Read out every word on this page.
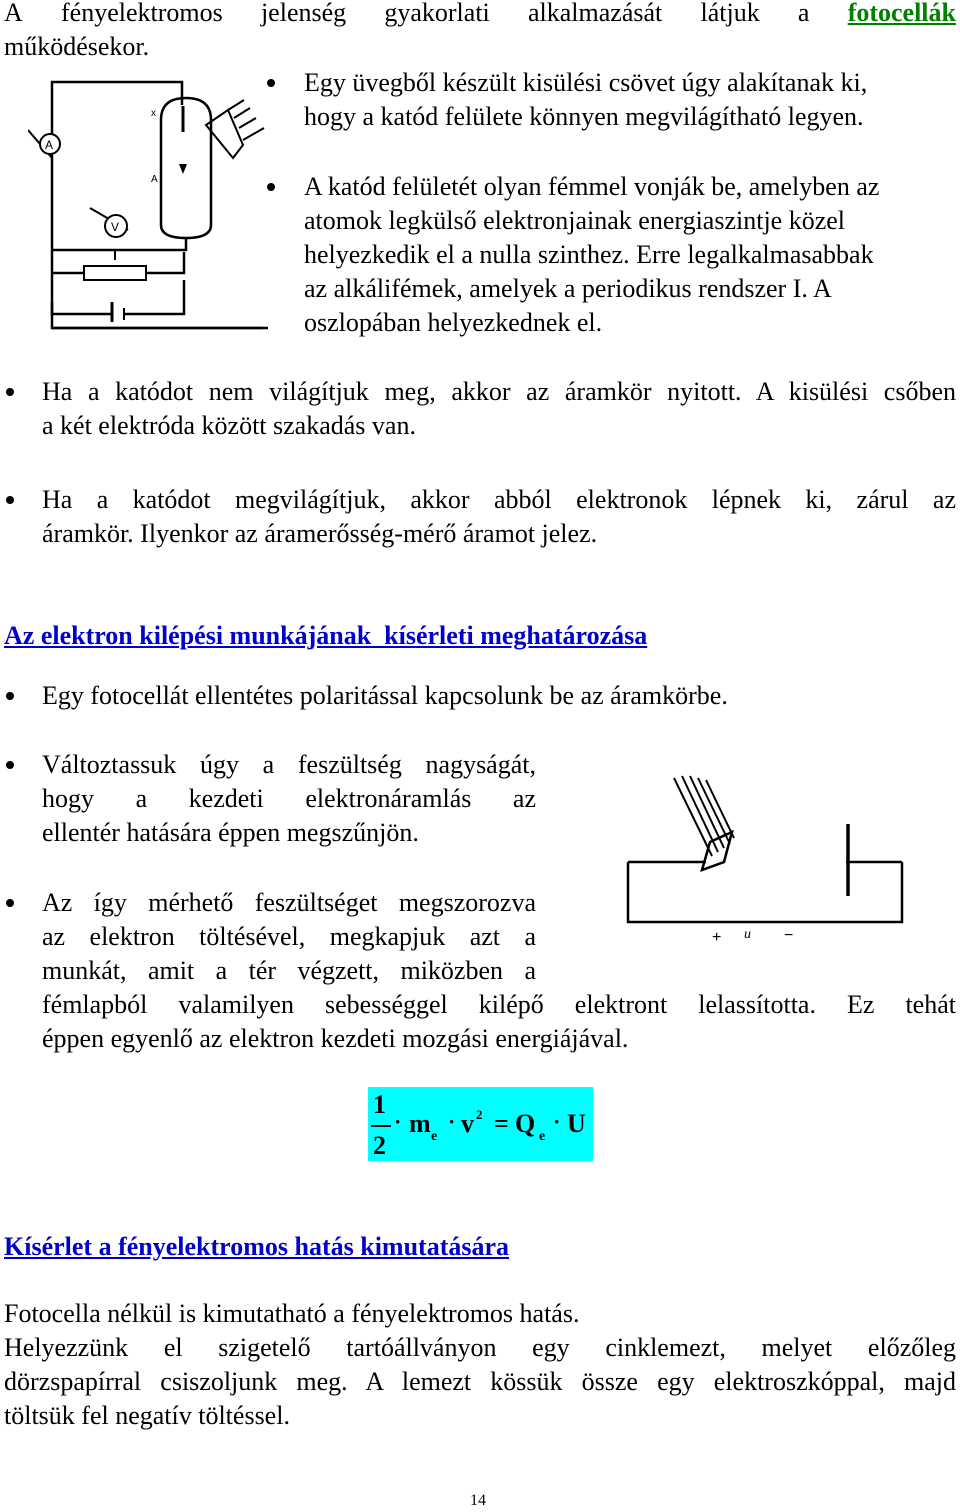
A fényelektromos jelenség gyakorlati alkalmazását látjuk a fotocellák
működésekor.
A
V
A
x
Egy üvegből készült kisülési csövet úgy alakítanak ki,
hogy a katód felülete könnyen megvilágítható legyen.
A katód felületét olyan fémmel vonják be, amelyben az
atomok legkülső elektronjainak energiaszintje közel
helyezkedik el a nulla szinthez. Erre legalkalmasabbak
az alkálifémek, amelyek a periodikus rendszer I. A
oszlopában helyezkednek el.
Ha a katódot nem világítjuk meg, akkor az áramkör nyitott. A kisülési csőben
a két elektróda között szakadás van.
Ha a katódot megvilágítjuk, akkor abból elektronok lépnek ki, zárul az
áramkör. Ilyenkor az áramerősség-mérő áramot jelez.
Az elektron kilépési munkájának  kísérleti meghatározása
Egy fotocellát ellentétes polaritással kapcsolunk be az áramkörbe.
Változtassuk úgy a feszültség nagyságát,
hogy a kezdeti elektronáramlás az
ellentér hatására éppen megszűnjön.
Az így mérhető feszültséget megszorozva
az elektron töltésével, megkapjuk azt a
munkát, amit a tér végzett, miközben a
fémlapból valamilyen sebességgel kilépő elektront lelassította. Ez tehát
éppen egyenlő az elektron kezdeti mozgási energiájával.
+ u −
1
2
· m e
· v 2 = Q e
· U
Kísérlet a fényelektromos hatás kimutatására
Fotocella nélkül is kimutatható a fényelektromos hatás.
Helyezzünk el szigetelő tartóállványon egy cinklemezt, melyet előzőleg
dörzspapírral csiszoljunk meg. A lemezt kössük össze egy elektroszkóppal, majd
töltsük fel negatív töltéssel.
14
